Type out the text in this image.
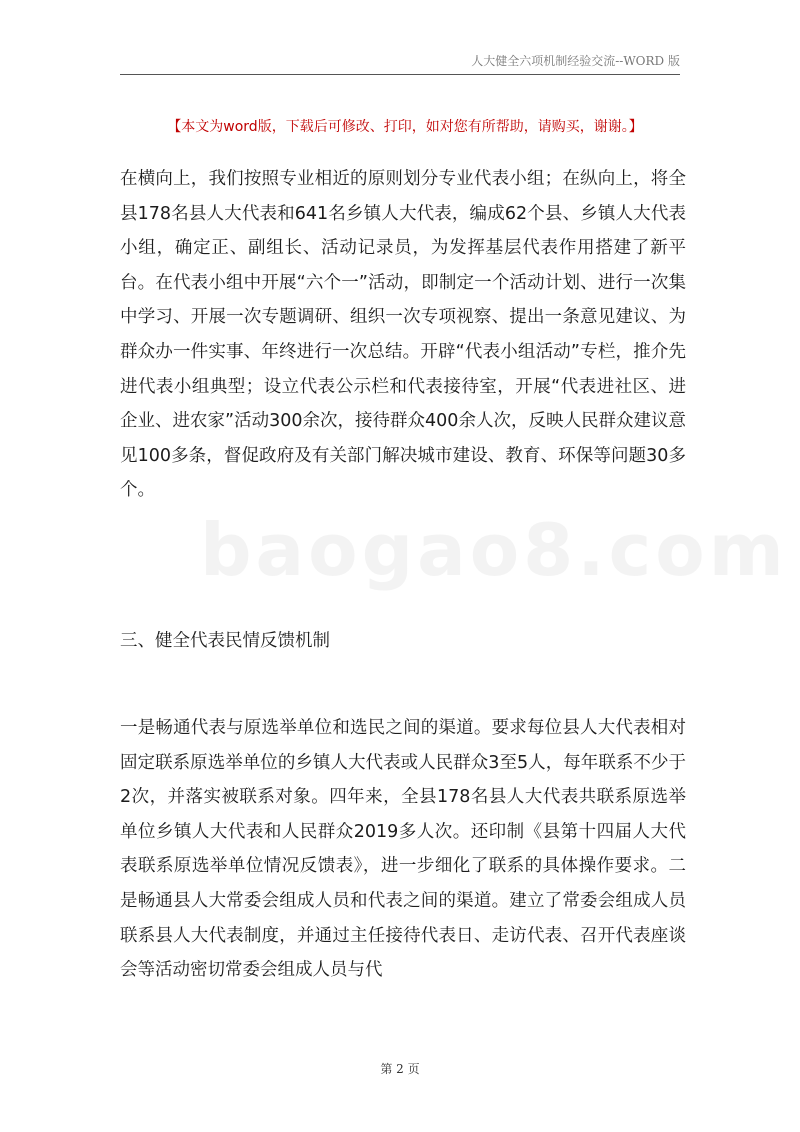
人大健全六项机制经验交流--WORD 版
【本文为word版，下载后可修改、打印，如对您有所帮助，请购买，谢谢。】
baogao8.com
在横向上，我们按照专业相近的原则划分专业代表小组；在纵向上，将全县178名县人大代表和641名乡镇人大代表，编成62个县、乡镇人大代表小组，确定正、副组长、活动记录员，为发挥基层代表作用搭建了新平台。在代表小组中开展“六个一”活动，即制定一个活动计划、进行一次集中学习、开展一次专题调研、组织一次专项视察、提出一条意见建议、为群众办一件实事、年终进行一次总结。开辟“代表小组活动”专栏，推介先进代表小组典型；设立代表公示栏和代表接待室，开展“代表进社区、进企业、进农家”活动300余次，接待群众400余人次，反映人民群众建议意见100多条，督促政府及有关部门解决城市建设、教育、环保等问题30多个。
三、健全代表民情反馈机制
一是畅通代表与原选举单位和选民之间的渠道。要求每位县人大代表相对固定联系原选举单位的乡镇人大代表或人民群众3至5人，每年联系不少于2次，并落实被联系对象。四年来，全县178名县人大代表共联系原选举单位乡镇人大代表和人民群众2019多人次。还印制《县第十四届人大代表联系原选举单位情况反馈表》，进一步细化了联系的具体操作要求。二是畅通县人大常委会组成人员和代表之间的渠道。建立了常委会组成人员联系县人大代表制度，并通过主任接待代表日、走访代表、召开代表座谈会等活动密切常委会组成人员与代
第 2 页
